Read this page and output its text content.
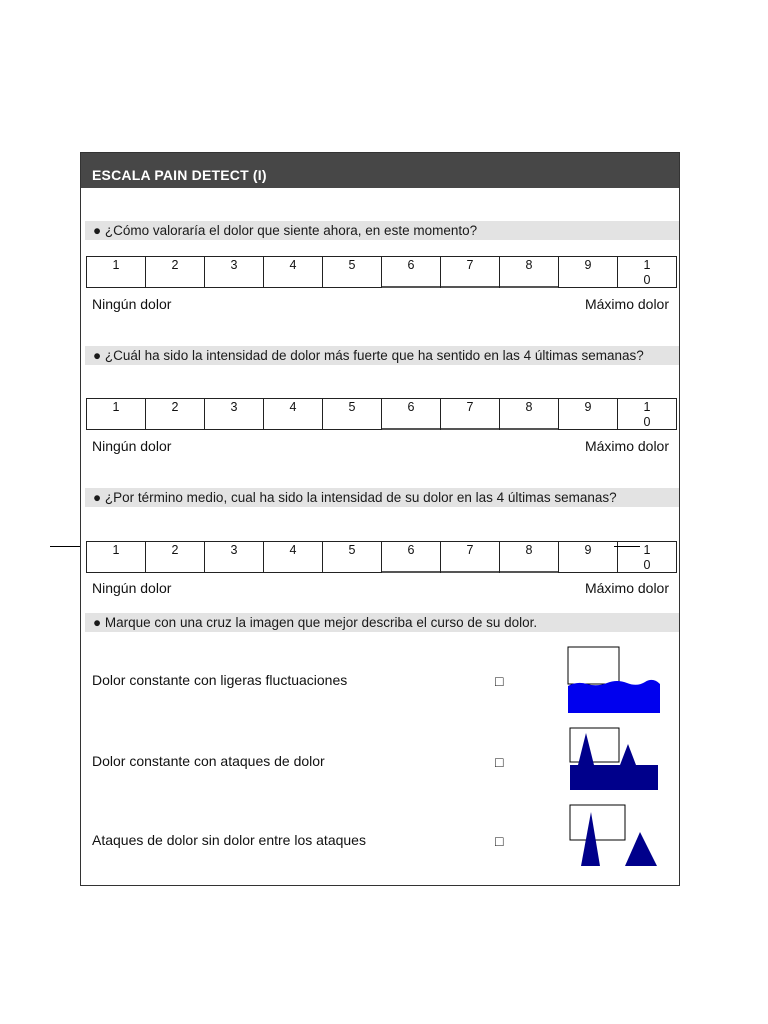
ESCALA PAIN DETECT (I)
● ¿Cómo valoraría el dolor que siente ahora, en este momento?
1	2	3	4	5	6	7	8	9	1
0
Ningún dolor	Máximo dolor
● ¿Cuál ha sido la intensidad de dolor más fuerte que ha sentido en las 4 últimas semanas?
1	2	3	4	5	6	7	8	9	1
0
Ningún dolor	Máximo dolor
● ¿Por término medio, cual ha sido la intensidad de su dolor en las 4 últimas semanas?
1	2	3	4	5	6	7	8	9	1
0
Ningún dolor	Máximo dolor
● Marque con una cruz la imagen que mejor describa el curso de su dolor.
Dolor constante con ligeras fluctuaciones	□
Dolor constante con ataques de dolor	□
Ataques de dolor sin dolor entre los ataques	□
